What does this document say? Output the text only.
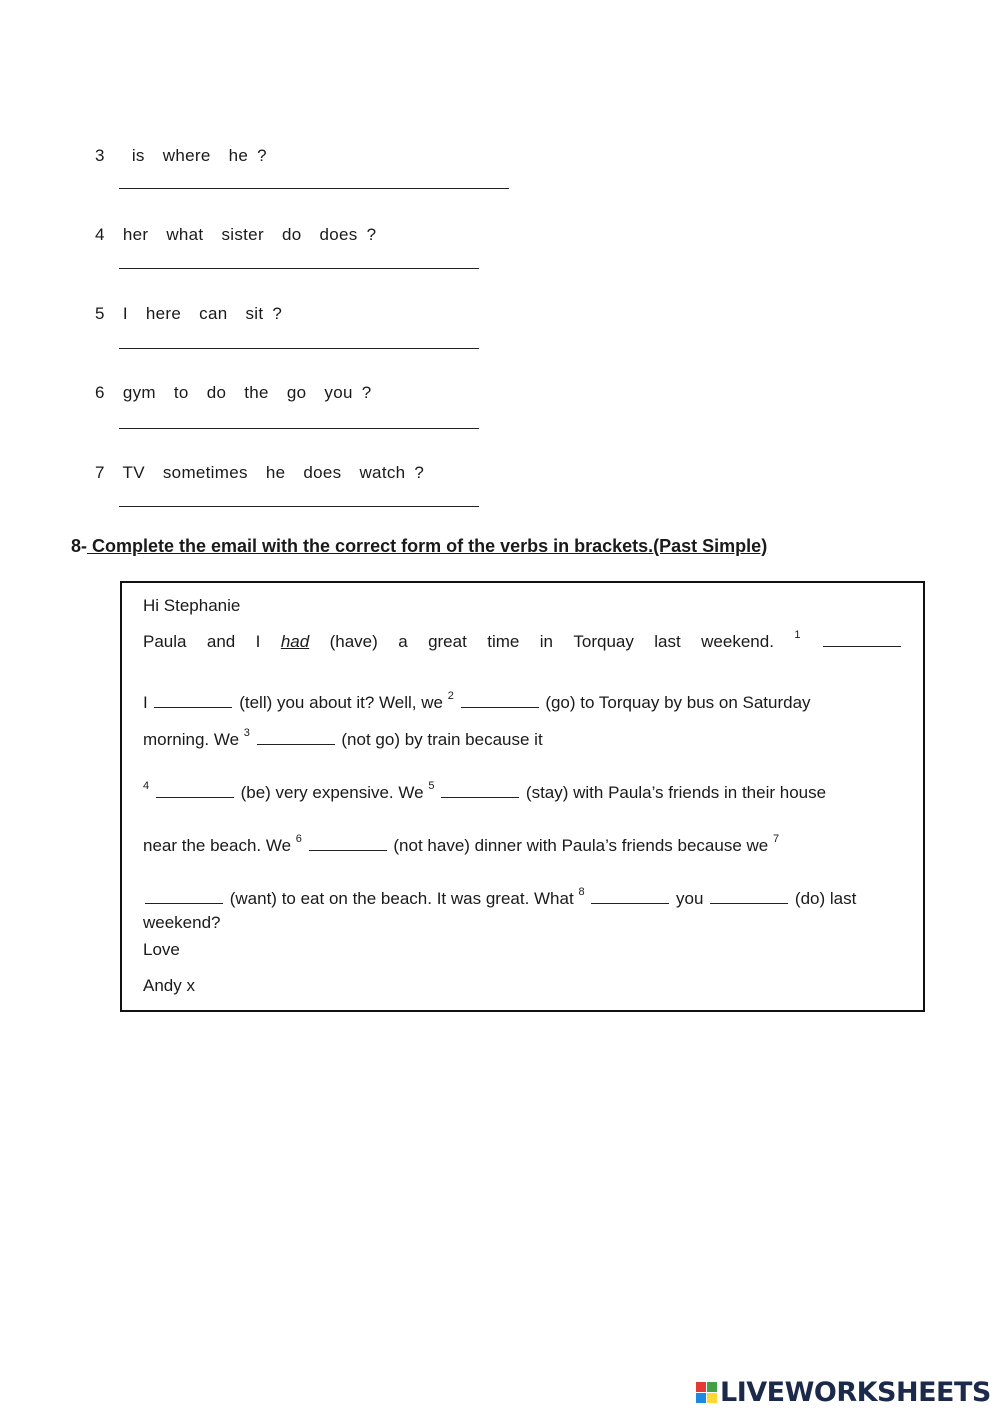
3 is  where  he ?
4 her  what  sister  do  does ?
5 I  here  can  sit ?
6 gym  to  do  the  go  you ?
7 TV  sometimes  he  does  watch ?
8- Complete the email with the correct form of the verbs in brackets.(Past Simple)
Hi Stephanie
Paula and I had (have) a great time in Torquay last weekend. $^1$
I	(tell) you about it? Well, we $^2$	(go) to Torquay by bus on Saturday
morning. We $^3$	(not go) by train because it
$^4$	(be) very expensive. We $^5$	(stay) with Paula’s friends in their house
near the beach. We $^6$	(not have) dinner with Paula’s friends because we $^7$
(want) to eat on the beach. It was great. What $^8$	you	(do) last
weekend?
Love
Andy x
LIVEWORKSHEETS
